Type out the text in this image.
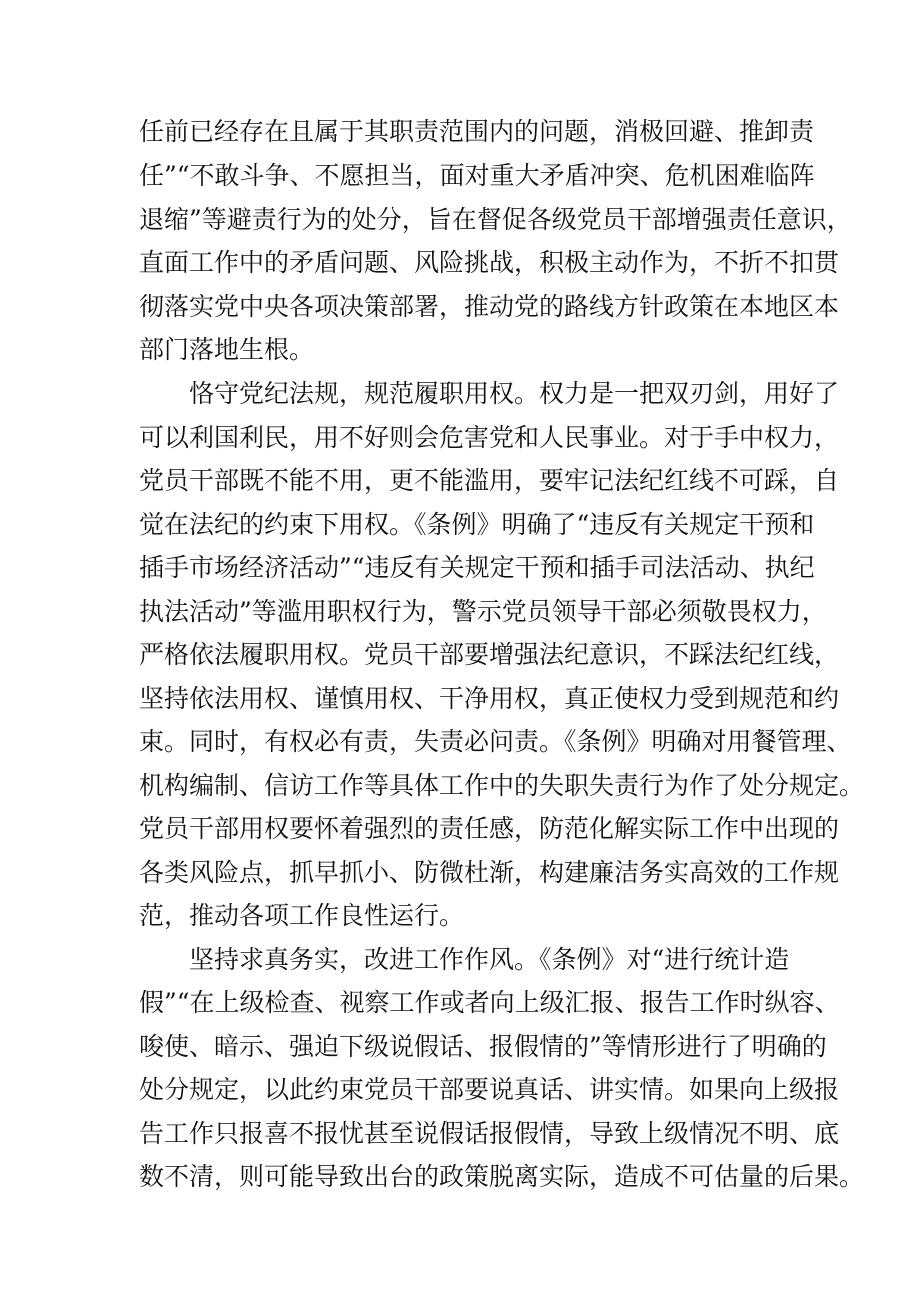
任前已经存在且属于其职责范围内的问题，消极回避、推卸责
任”“不敢斗争、不愿担当，面对重大矛盾冲突、危机困难临阵
退缩”等避责行为的处分，旨在督促各级党员干部增强责任意识，
直面工作中的矛盾问题、风险挑战，积极主动作为，不折不扣贯
彻落实党中央各项决策部署，推动党的路线方针政策在本地区本
部门落地生根。
恪守党纪法规，规范履职用权。权力是一把双刃剑，用好了
可以利国利民，用不好则会危害党和人民事业。对于手中权力，
党员干部既不能不用，更不能滥用，要牢记法纪红线不可踩，自
觉在法纪的约束下用权。《条例》明确了“违反有关规定干预和
插手市场经济活动”“违反有关规定干预和插手司法活动、执纪
执法活动”等滥用职权行为，警示党员领导干部必须敬畏权力，
严格依法履职用权。党员干部要增强法纪意识，不踩法纪红线，
坚持依法用权、谨慎用权、干净用权，真正使权力受到规范和约
束。同时，有权必有责，失责必问责。《条例》明确对用餐管理、
机构编制、信访工作等具体工作中的失职失责行为作了处分规定。
党员干部用权要怀着强烈的责任感，防范化解实际工作中出现的
各类风险点，抓早抓小、防微杜渐，构建廉洁务实高效的工作规
范，推动各项工作良性运行。
坚持求真务实，改进工作作风。《条例》对“进行统计造
假”“在上级检查、视察工作或者向上级汇报、报告工作时纵容、
唆使、暗示、强迫下级说假话、报假情的”等情形进行了明确的
处分规定，以此约束党员干部要说真话、讲实情。如果向上级报
告工作只报喜不报忧甚至说假话报假情，导致上级情况不明、底
数不清，则可能导致出台的政策脱离实际，造成不可估量的后果。
